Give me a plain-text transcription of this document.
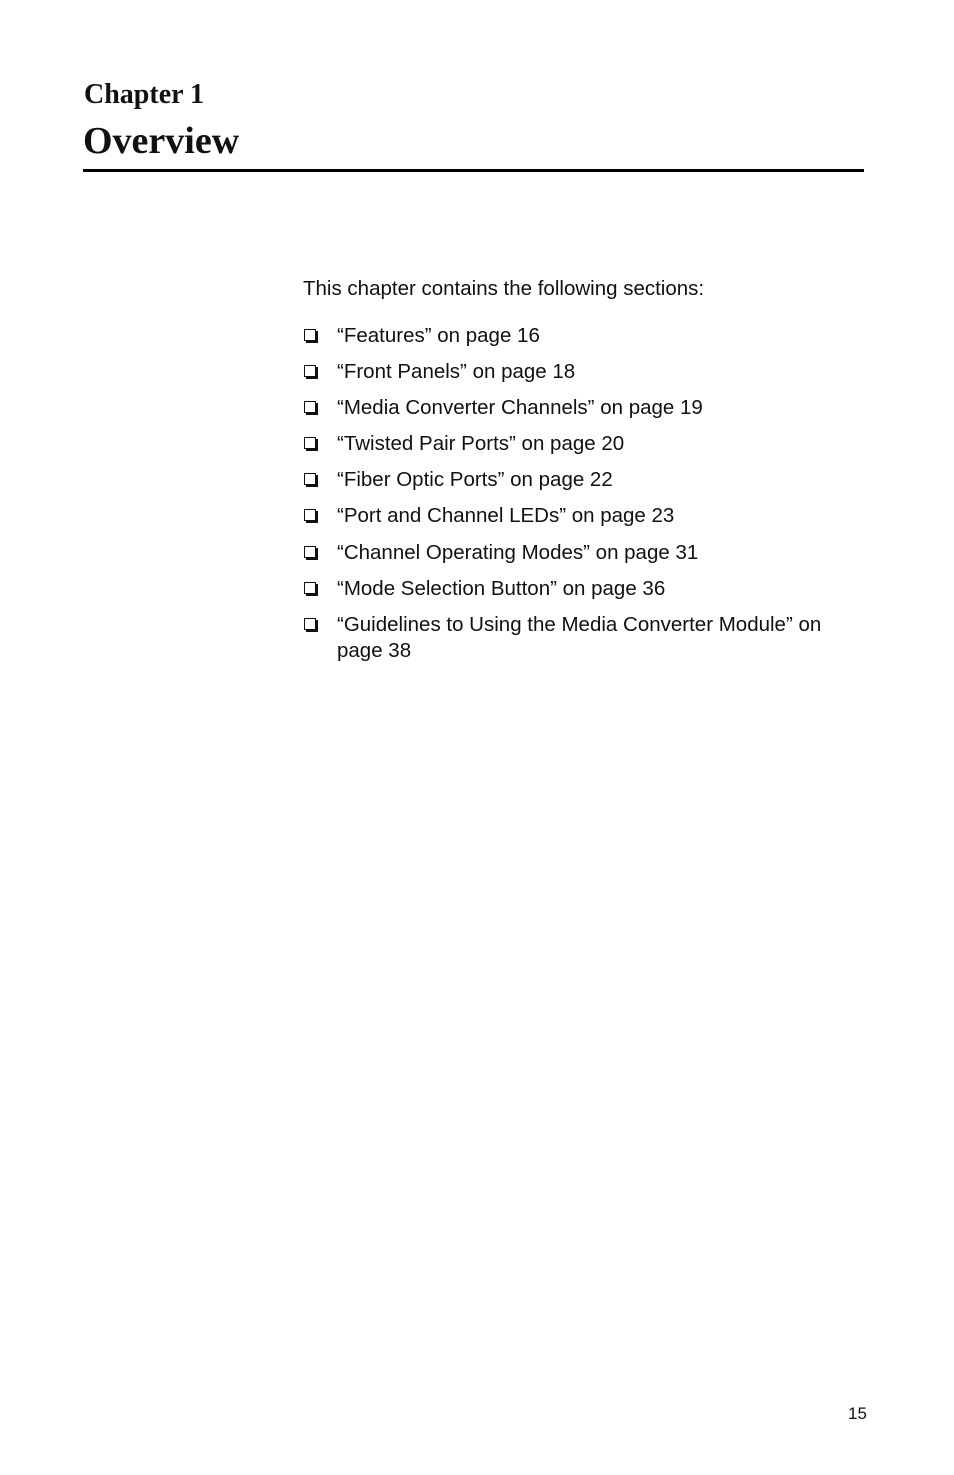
Chapter 1
Overview

This chapter contains the following sections:

“Features” on page 16
“Front Panels” on page 18
“Media Converter Channels” on page 19
“Twisted Pair Ports” on page 20
“Fiber Optic Ports” on page 22
“Port and Channel LEDs” on page 23
“Channel Operating Modes” on page 31
“Mode Selection Button” on page 36
“Guidelines to Using the Media Converter Module” on page 38
15
